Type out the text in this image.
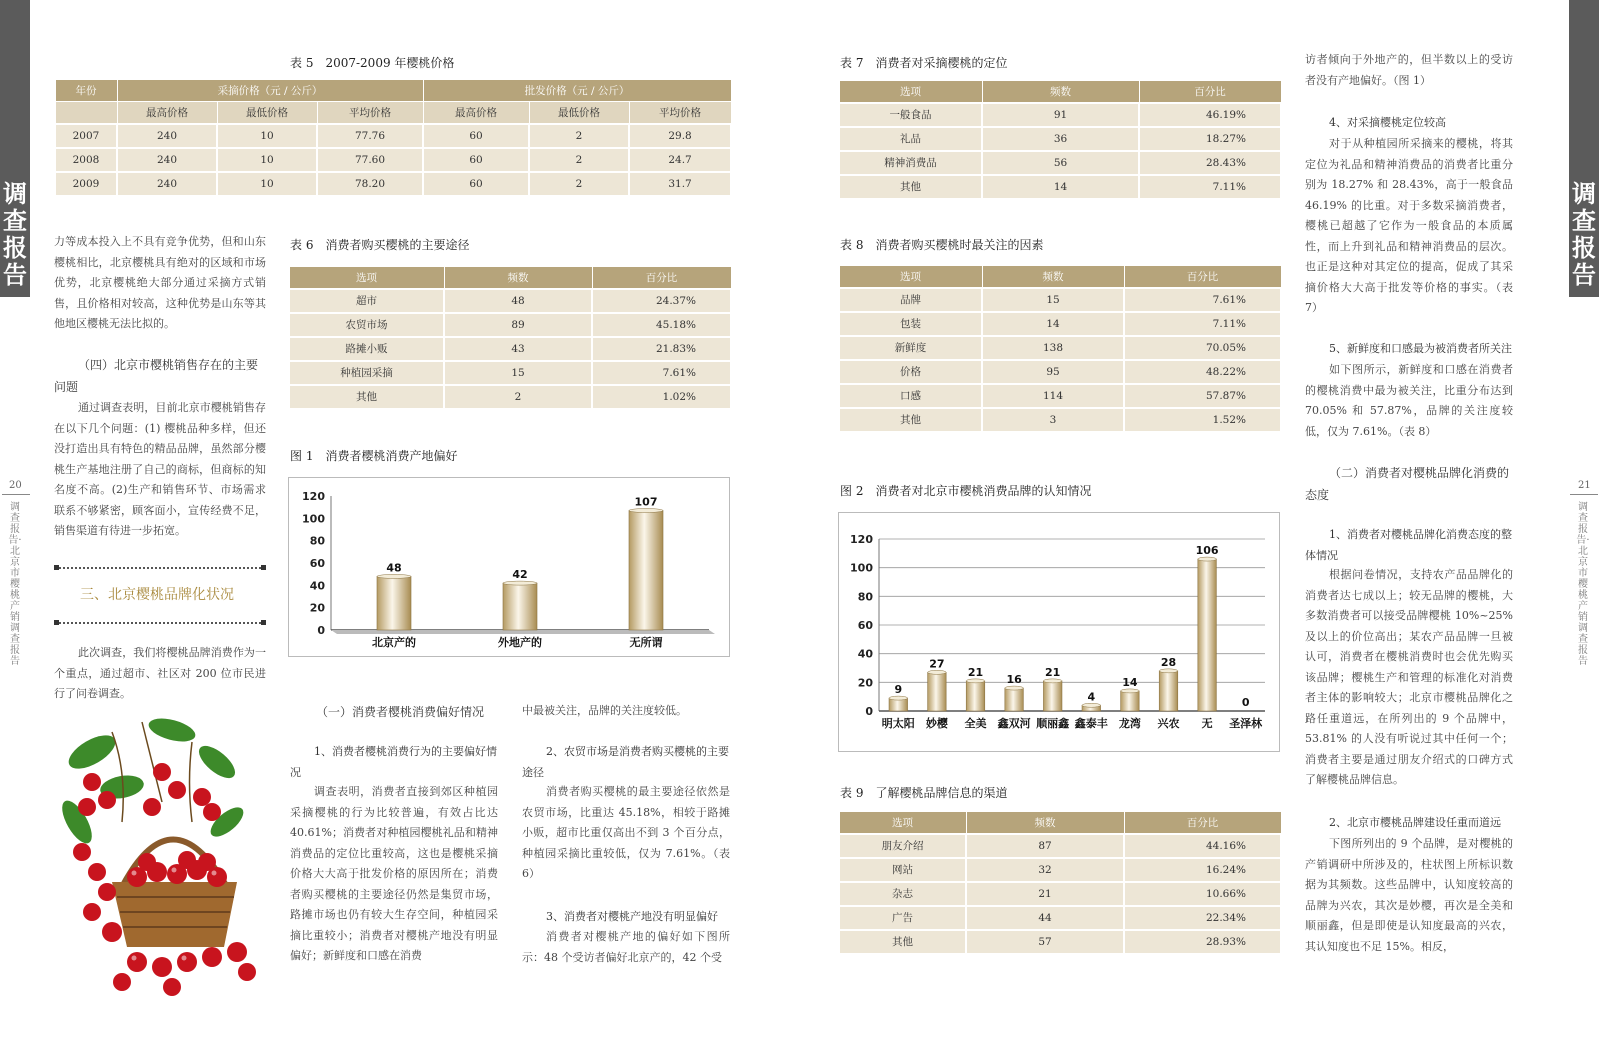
调查报告
调查报告
20
调查报告·北京市樱桃产销调查报告
21
调查报告·北京市樱桃产销调查报告
表 5　2007-2009 年樱桃价格
年份	采摘价格（元 / 公斤）			批发价格（元 / 公斤）		
	最高价格	最低价格	平均价格	最高价格	最低价格	平均价格
2007	240	10	77.76	60	2	29.8
2008	240	10	77.60	60	2	24.7
2009	240	10	78.20	60	2	31.7
力等成本投入上不具有竞争优势，但和山东樱桃相比，北京樱桃具有绝对的区域和市场优势，北京樱桃绝大部分通过采摘方式销售，且价格相对较高，这种优势是山东等其他地区樱桃无法比拟的。
（四）北京市樱桃销售存在的主要问题
通过调查表明，目前北京市樱桃销售存在以下几个问题：(1) 樱桃品种多样，但还没打造出具有特色的精品品牌，虽然部分樱桃生产基地注册了自己的商标，但商标的知名度不高。(2)生产和销售环节、市场需求联系不够紧密，顾客面小，宣传经费不足，销售渠道有待进一步拓宽。
三、北京樱桃品牌化状况
此次调查，我们将樱桃品牌消费作为一个重点，通过超市、社区对 200 位市民进行了问卷调查。
表 6　消费者购买樱桃的主要途径
选项	频数	百分比
超市	48	24.37%
农贸市场	89	45.18%
路摊小贩	43	21.83%
种植园采摘	15	7.61%
其他	2	1.02%
图 1　消费者樱桃消费产地偏好
0
20
40
60
80
100
120
48
北京产的
42
外地产的
107
无所谓
（一）消费者樱桃消费偏好情况
1、消费者樱桃消费行为的主要偏好情况
调查表明，消费者直接到郊区种植园采摘樱桃的行为比较普遍，有效占比达 40.61%；消费者对种植园樱桃礼品和精神消费品的定位比重较高，这也是樱桃采摘价格大大高于批发价格的原因所在；消费者购买樱桃的主要途径仍然是集贸市场，路摊市场也仍有较大生存空间，种植园采摘比重较小；消费者对樱桃产地没有明显偏好；新鲜度和口感在消费
中最被关注，品牌的关注度较低。
2、农贸市场是消费者购买樱桃的主要途径
消费者购买樱桃的最主要途径依然是农贸市场，比重达 45.18%，相较于路摊小贩，超市比重仅高出不到 3 个百分点，种植园采摘比重较低，仅为 7.61%。（表 6）
3、消费者对樱桃产地没有明显偏好
消费者对樱桃产地的偏好如下图所示：48 个受访者偏好北京产的，42 个受
表 7　消费者对采摘樱桃的定位
选项	频数	百分比
一般食品	91	46.19%
礼品	36	18.27%
精神消费品	56	28.43%
其他	14	7.11%
表 8　消费者购买樱桃时最关注的因素
选项	频数	百分比
品牌	15	7.61%
包装	14	7.11%
新鲜度	138	70.05%
价格	95	48.22%
口感	114	57.87%
其他	3	1.52%
图 2　消费者对北京市樱桃消费品牌的认知情况
0
20
40
60
80
100
120
9
明太阳
27
妙樱
21
全美
16
鑫双河
21
顺丽鑫
4
鑫泰丰
14
龙湾
28
兴农
106
无
0
圣泽林
表 9　了解樱桃品牌信息的渠道
选项	频数	百分比
朋友介绍	87	44.16%
网站	32	16.24%
杂志	21	10.66%
广告	44	22.34%
其他	57	28.93%
访者倾向于外地产的，但半数以上的受访者没有产地偏好。（图 1）
4、对采摘樱桃定位较高
对于从种植园所采摘来的樱桃，将其定位为礼品和精神消费品的消费者比重分别为 18.27% 和 28.43%，高于一般食品 46.19% 的比重。对于多数采摘消费者，樱桃已超越了它作为一般食品的本质属性，而上升到礼品和精神消费品的层次。也正是这种对其定位的提高，促成了其采摘价格大大高于批发等价格的事实。（表 7）
5、新鲜度和口感最为被消费者所关注
如下图所示，新鲜度和口感在消费者的樱桃消费中最为被关注，比重分布达到 70.05% 和 57.87%，品牌的关注度较低，仅为 7.61%。（表 8）
（二）消费者对樱桃品牌化消费的态度
1、消费者对樱桃品牌化消费态度的整体情况
根据问卷情况，支持农产品品牌化的消费者达七成以上；较无品牌的樱桃，大多数消费者可以接受品牌樱桃 10%~25% 及以上的价位高出；某农产品品牌一旦被认可，消费者在樱桃消费时也会优先购买该品牌；樱桃生产和管理的标准化对消费者主体的影响较大；北京市樱桃品牌化之路任重道远，在所列出的 9 个品牌中，53.81% 的人没有听说过其中任何一个；消费者主要是通过朋友介绍式的口碑方式了解樱桃品牌信息。
2、北京市樱桃品牌建设任重而道远
下图所列出的 9 个品牌，是对樱桃的产销调研中所涉及的，柱状图上所标识数据为其频数。这些品牌中，认知度较高的品牌为兴农，其次是妙樱，再次是全美和顺丽鑫，但是即使是认知度最高的兴农，其认知度也不足 15%。相反，
